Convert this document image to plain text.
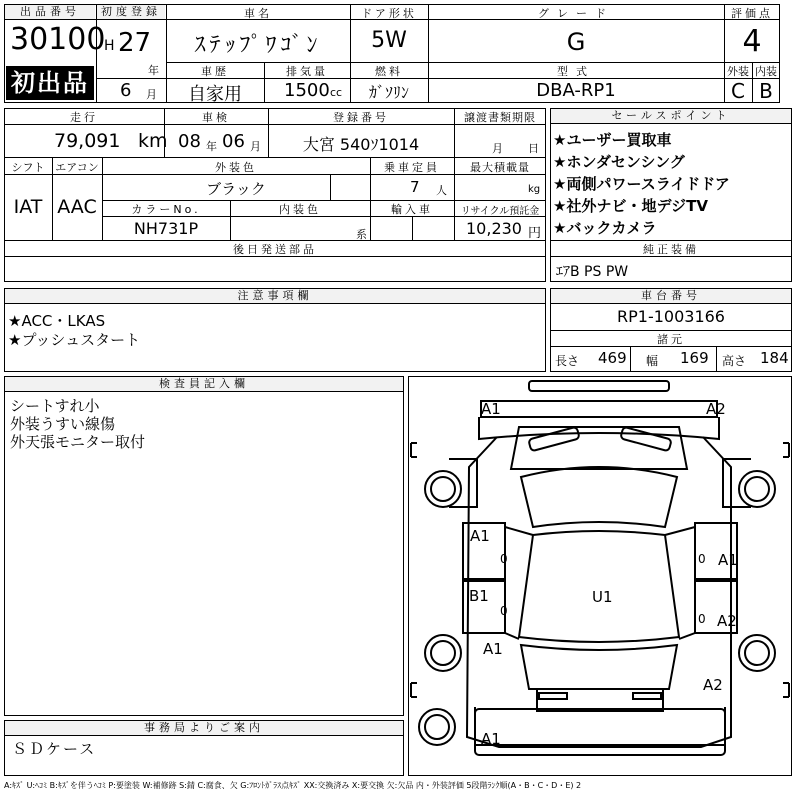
出品番号
30100
初出品
初度登録
H 27
年
6 月
車名
ｽﾃｯﾌﾟﾜｺﾞﾝ
ドア形状
5W
グレード
G
評価点
4
車歴
自家用
排気量
1500 cc
燃料
ｶﾞｿﾘﾝ
型式
DBA-RP1
外装 内装
C B
走行
79,091 km
車検
08 年 06 月
登録番号
大宮 540ｿ1014
譲渡書類期限
月 日
シフト エアコン
IAT AAC
外装色
ブラック
乗車定員
7 人
最大積載量
kg
カラーNo.
NH731P
内装色
系
輸入車	リサイクル預託金
10,230 円
後日発送部品
セールスポイント
★ユーザー買取車
★ホンダセンシング
★両側パワースライドドア
★社外ナビ・地デジTV
★バックカメラ
純正装備
ｴｱB PS PW
注意事項欄
★ACC・LKAS
★プッシュスタート
車台番号
RP1-1003166
諸元
長さ 469 幅 169 高さ 184
検査員記入欄
シートすれ小
外装うすい線傷
外天張モニター取付
事務局よりご案内
ＳＤケース
A1	A2
A1
0
B1
0
A1
U1
0 A1
0 A2
A2
A1
A:ｷｽﾞ U:ﾍｺﾐ B:ｷｽﾞを伴うﾍｺﾐ P:要塗装 W:補修跡 S:錆 C:腐食、欠 G:ﾌﾛﾝﾄｶﾞﾗｽ点ｷｽﾞ XX:交換済み X:要交換 欠:欠品 内・外装評価 5段階ﾗﾝｸ順(A・B・C・D・E) 2
